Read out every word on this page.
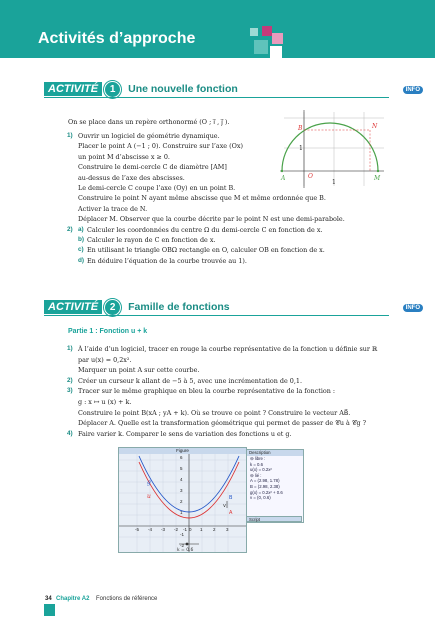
Activités d’approche
ACTIVITÉ	1	Une nouvelle fonction	INFO
On se place dans un repère orthonormé (O ; i⃗ , j⃗ ).
1) Ouvrir un logiciel de géométrie dynamique.
Placer le point A (−1 ; 0). Construire sur l’axe (Ox)
un point M d’abscisse x ≥ 0.
Construire le demi-cercle C de diamètre [AM]
au-dessus de l’axe des abscisses.
Le demi-cercle C coupe l’axe (Oy) en un point B.
Construire le point N ayant même abscisse que M et même ordonnée que B.
Activer la trace de N.
Déplacer M. Observer que la courbe décrite par le point N est une demi-parabole.
2) a) Calculer les coordonnées du centre Ω du demi-cercle C en fonction de x.
b) Calculer le rayon de C en fonction de x.
c) En utilisant le triangle OBΩ rectangle en O, calculer OB en fonction de x.
d) En déduire l’équation de la courbe trouvée au 1).
B	N
1
A	O	M
1
ACTIVITÉ	2	Famille de fonctions	INFO
Partie 1 : Fonction u + k
1) À l’aide d’un logiciel, tracer en rouge la courbe représentative de la fonction u définie sur ℝ
par u(x) = 0,2x².
Marquer un point A sur cette courbe.
2) Créer un curseur k allant de −5 à 5, avec une incrémentation de 0,1.
3) Tracer sur le même graphique en bleu la courbe représentative de la fonction :
g : x ↦ u (x) + k.
Construire le point B(xA ; yA + k). Où se trouve ce point ? Construire le vecteur AB⃗.
Déplacer A. Quelle est la transformation géométrique qui permet de passer de 𝒞u à 𝒞g ?
4) Faire varier k. Comparer le sens de variation des fonctions u et g.
Figure
g
u	B
v
A
k = 0.6
6
5
4
3
2
1
-1
-2
-5 -4 -3 -2 -1 0 1 2 3
Description
⊖ libre :
k = 0.6
u(x) = 0.2x²
⊖ lié :
A = (2.98, 1.78)
B = (2.98, 2.38)
g(x) = 0.2x² + 0.6
v = (0, 0.6)
Script
34 Chapitre A2 Fonctions de référence
